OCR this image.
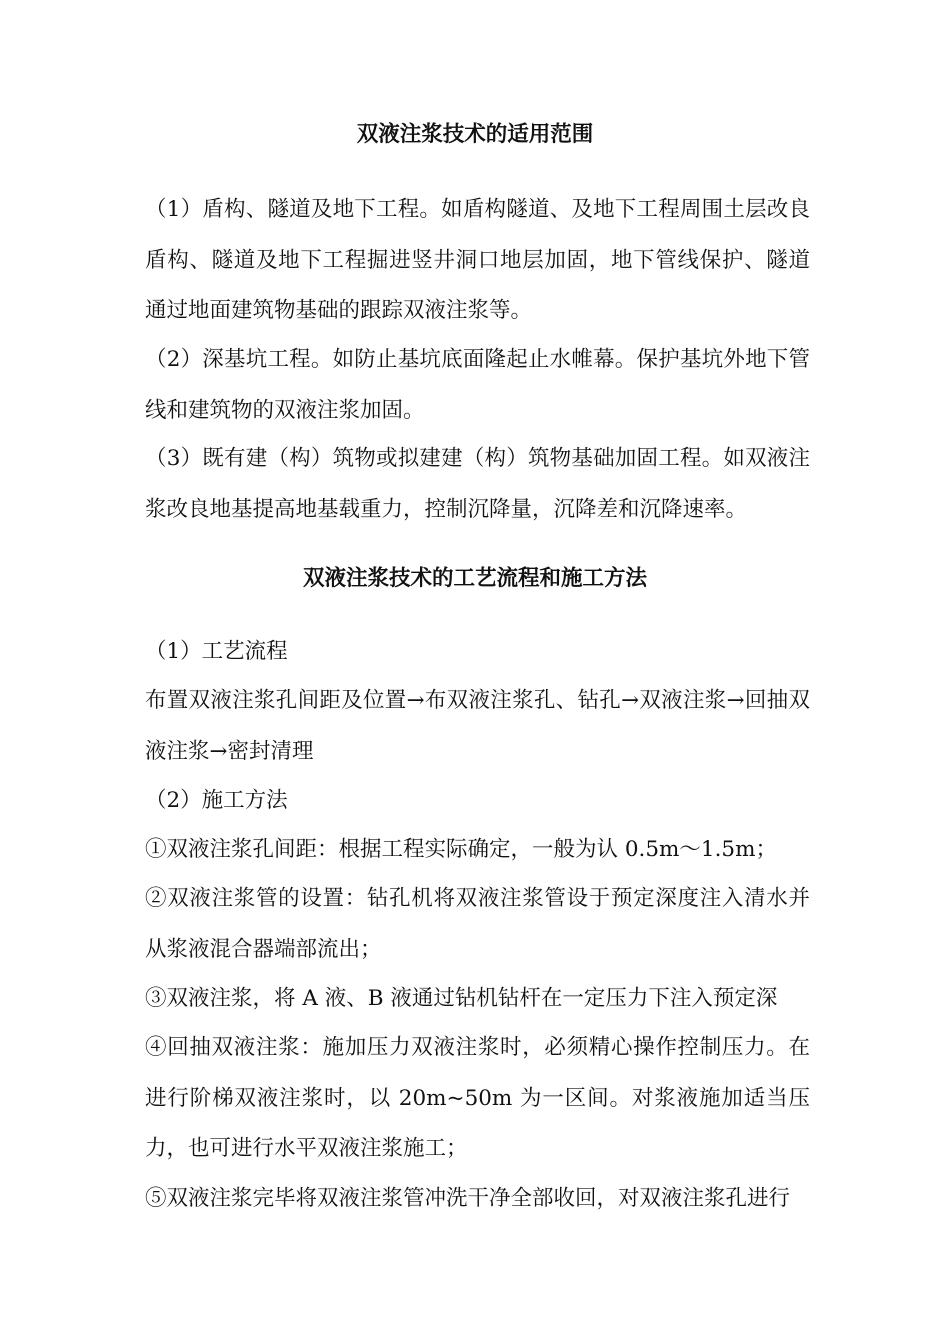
双液注浆技术的适用范围

（1）盾构、隧道及地下工程。如盾构隧道、及地下工程周围土层改良盾构、隧道及地下工程掘进竖井洞口地层加固，地下管线保护、隧道通过地面建筑物基础的跟踪双液注浆等。

（2）深基坑工程。如防止基坑底面隆起止水帷幕。保护基坑外地下管线和建筑物的双液注浆加固。

（3）既有建（构）筑物或拟建建（构）筑物基础加固工程。如双液注浆改良地基提高地基载重力，控制沉降量，沉降差和沉降速率。

双液注浆技术的工艺流程和施工方法

（1）工艺流程

布置双液注浆孔间距及位置→布双液注浆孔、钻孔→双液注浆→回抽双液注浆→密封清理

（2）施工方法

①双液注浆孔间距：根据工程实际确定，一般为认 0.5m～1.5m；

②双液注浆管的设置：钻孔机将双液注浆管设于预定深度注入清水并从浆液混合器端部流出；

③双液注浆，将 A 液、B 液通过钻机钻杆在一定压力下注入预定深

④回抽双液注浆：施加压力双液注浆时，必须精心操作控制压力。在进行阶梯双液注浆时，以 20m~50m 为一区间。对浆液施加适当压力，也可进行水平双液注浆施工；

⑤双液注浆完毕将双液注浆管冲洗干净全部收回，对双液注浆孔进行
